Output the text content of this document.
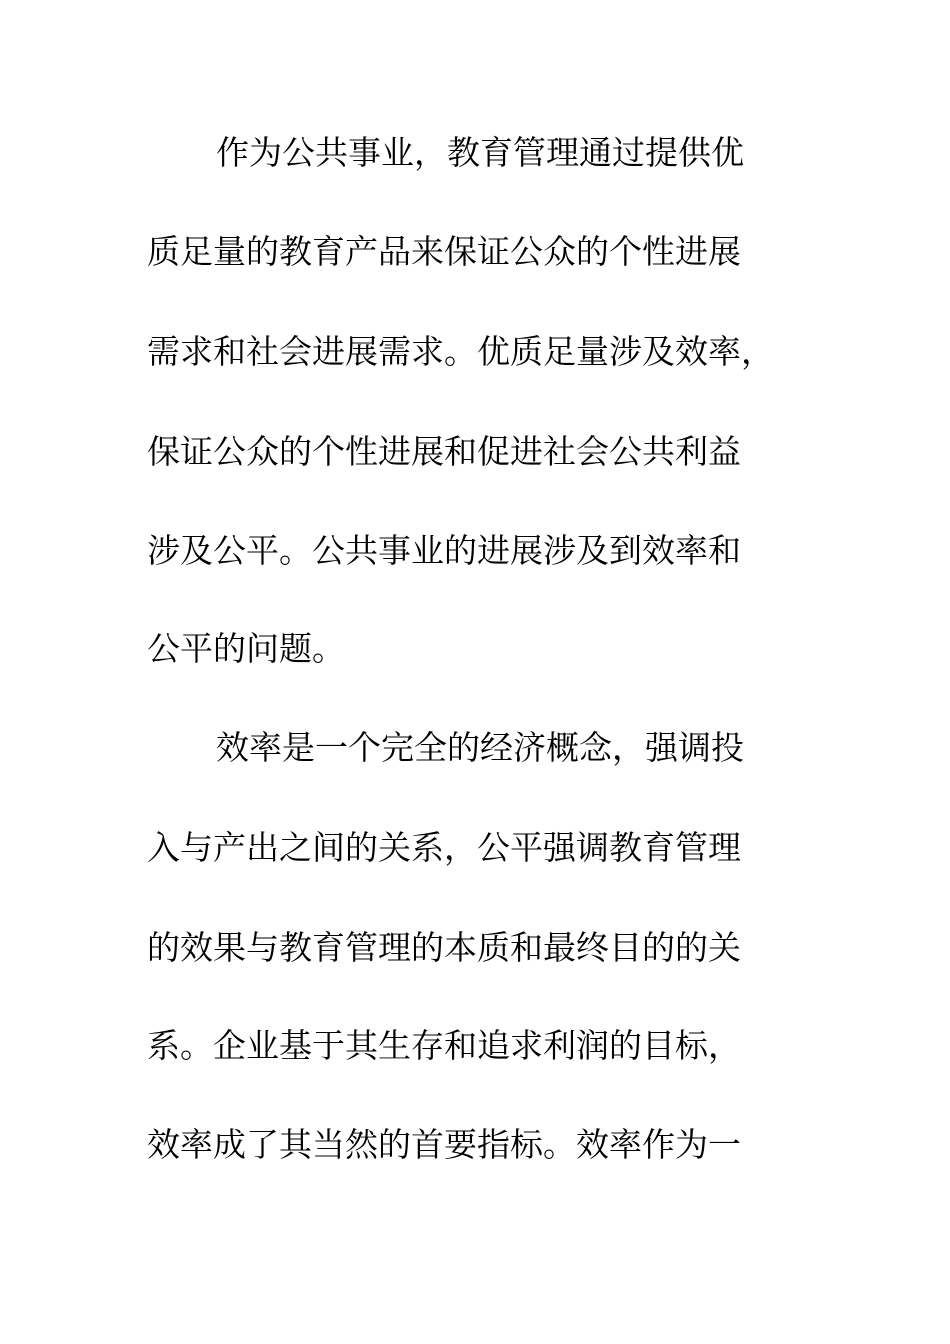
作为公共事业，教育管理通过提供优
质足量的教育产品来保证公众的个性进展
需求和社会进展需求。优质足量涉及效率，
保证公众的个性进展和促进社会公共利益
涉及公平。公共事业的进展涉及到效率和
公平的问题。
效率是一个完全的经济概念，强调投
入与产出之间的关系，公平强调教育管理
的效果与教育管理的本质和最终目的的关
系。企业基于其生存和追求利润的目标，
效率成了其当然的首要指标。效率作为一
